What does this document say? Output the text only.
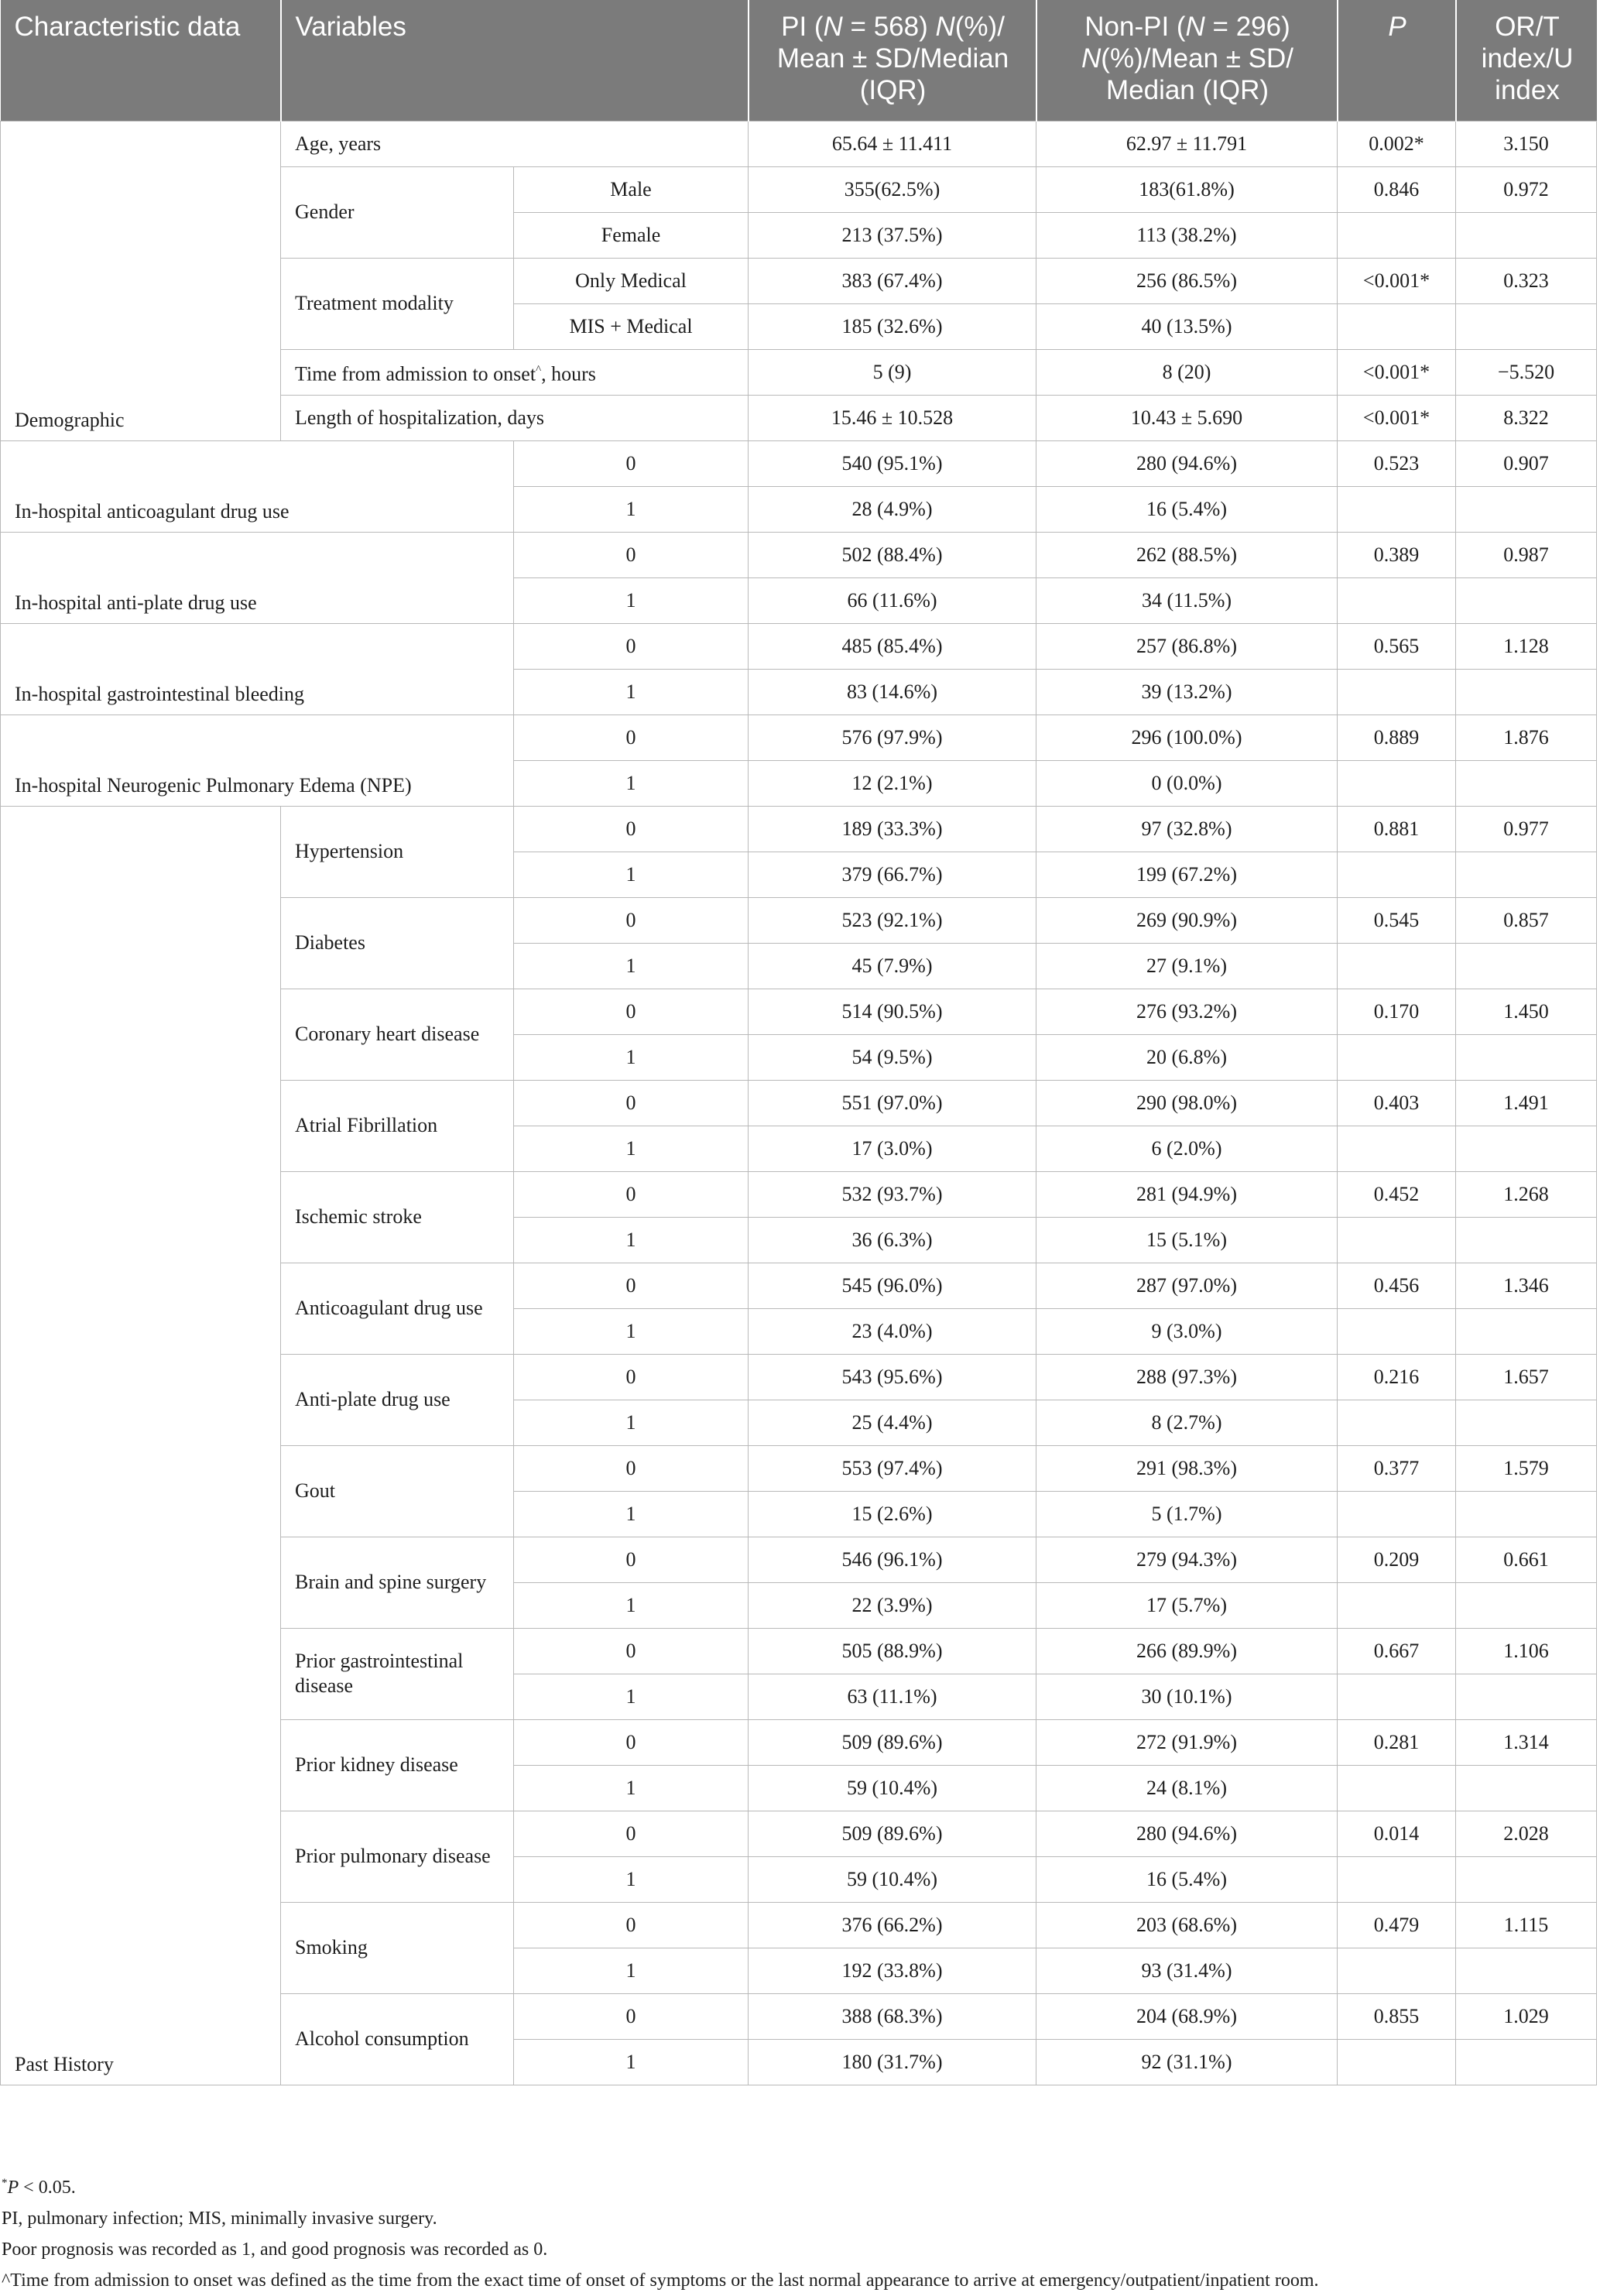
Characteristic data	Variables		PI (N = 568) N(%)/ Mean ± SD/Median (IQR)	Non-PI (N = 296) N(%)/Mean ± SD/ Median (IQR)	P	OR/T index/U index
Demographic	Age, years		65.64 ± 11.411	62.97 ± 11.791	0.002*	3.150
	Gender	Male	355(62.5%)	183(61.8%)	0.846	0.972
		Female	213 (37.5%)	113 (38.2%)		
	Treatment modality	Only Medical	383 (67.4%)	256 (86.5%)	<0.001*	0.323
		MIS + Medical	185 (32.6%)	40 (13.5%)		
	Time from admission to onset^, hours		5 (9)	8 (20)	<0.001*	−5.520
	Length of hospitalization, days		15.46 ± 10.528	10.43 ± 5.690	<0.001*	8.322
In-hospital anticoagulant drug use		0	540 (95.1%)	280 (94.6%)	0.523	0.907
		1	28 (4.9%)	16 (5.4%)		
In-hospital anti-plate drug use		0	502 (88.4%)	262 (88.5%)	0.389	0.987
		1	66 (11.6%)	34 (11.5%)		
In-hospital gastrointestinal bleeding		0	485 (85.4%)	257 (86.8%)	0.565	1.128
		1	83 (14.6%)	39 (13.2%)		
In-hospital Neurogenic Pulmonary Edema (NPE)		0	576 (97.9%)	296 (100.0%)	0.889	1.876
		1	12 (2.1%)	0 (0.0%)		
Past History	Hypertension	0	189 (33.3%)	97 (32.8%)	0.881	0.977
		1	379 (66.7%)	199 (67.2%)		
	Diabetes	0	523 (92.1%)	269 (90.9%)	0.545	0.857
		1	45 (7.9%)	27 (9.1%)		
	Coronary heart disease	0	514 (90.5%)	276 (93.2%)	0.170	1.450
		1	54 (9.5%)	20 (6.8%)		
	Atrial Fibrillation	0	551 (97.0%)	290 (98.0%)	0.403	1.491
		1	17 (3.0%)	6 (2.0%)		
	Ischemic stroke	0	532 (93.7%)	281 (94.9%)	0.452	1.268
		1	36 (6.3%)	15 (5.1%)		
	Anticoagulant drug use	0	545 (96.0%)	287 (97.0%)	0.456	1.346
		1	23 (4.0%)	9 (3.0%)		
	Anti-plate drug use	0	543 (95.6%)	288 (97.3%)	0.216	1.657
		1	25 (4.4%)	8 (2.7%)		
	Gout	0	553 (97.4%)	291 (98.3%)	0.377	1.579
		1	15 (2.6%)	5 (1.7%)		
	Brain and spine surgery	0	546 (96.1%)	279 (94.3%)	0.209	0.661
		1	22 (3.9%)	17 (5.7%)		
	Prior gastrointestinal disease	0	505 (88.9%)	266 (89.9%)	0.667	1.106
		1	63 (11.1%)	30 (10.1%)		
	Prior kidney disease	0	509 (89.6%)	272 (91.9%)	0.281	1.314
		1	59 (10.4%)	24 (8.1%)		
	Prior pulmonary disease	0	509 (89.6%)	280 (94.6%)	0.014	2.028
		1	59 (10.4%)	16 (5.4%)		
	Smoking	0	376 (66.2%)	203 (68.6%)	0.479	1.115
		1	192 (33.8%)	93 (31.4%)		
	Alcohol consumption	0	388 (68.3%)	204 (68.9%)	0.855	1.029
		1	180 (31.7%)	92 (31.1%)		
*P < 0.05.
PI, pulmonary infection; MIS, minimally invasive surgery.
Poor prognosis was recorded as 1, and good prognosis was recorded as 0.
^Time from admission to onset was defined as the time from the exact time of onset of symptoms or the last normal appearance to arrive at emergency/outpatient/inpatient room.
